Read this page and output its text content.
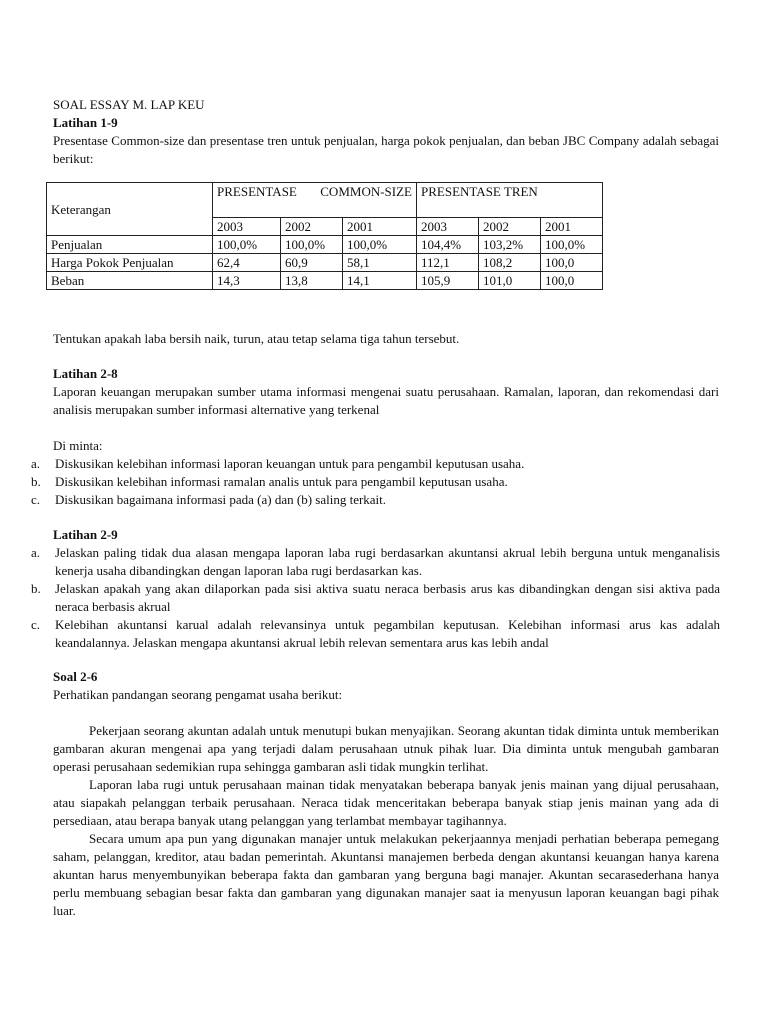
SOAL ESSAY M. LAP KEU

Latihan 1-9

Presentase Common-size dan presentase tren untuk penjualan, harga pokok penjualan, dan beban JBC Company adalah sebagai berikut:

Keterangan	PRESENTASE COMMON-SIZE			PRESENTASE TREN		
	2003	2002	2001	2003	2002	2001
Penjualan	100,0%	100,0%	100,0%	104,4%	103,2%	100,0%
Harga Pokok Penjualan	62,4	60,9	58,1	112,1	108,2	100,0
Beban	14,3	13,8	14,1	105,9	101,0	100,0

Tentukan apakah laba bersih naik, turun, atau tetap selama tiga tahun tersebut.

Latihan 2-8

Laporan keuangan merupakan sumber utama informasi mengenai suatu perusahaan. Ramalan, laporan, dan rekomendasi dari analisis merupakan sumber informasi alternative yang terkenal

Di minta:

a. Diskusikan kelebihan informasi laporan keuangan untuk para pengambil keputusan usaha.
b. Diskusikan kelebihan informasi ramalan analis untuk para pengambil keputusan usaha.
c. Diskusikan bagaimana informasi pada (a) dan (b) saling terkait.

Latihan 2-9

a. Jelaskan paling tidak dua alasan mengapa laporan laba rugi berdasarkan akuntansi akrual lebih berguna untuk menganalisis kenerja usaha dibandingkan dengan laporan laba rugi berdasarkan kas.
b. Jelaskan apakah yang akan dilaporkan pada sisi aktiva suatu neraca berbasis arus kas dibandingkan dengan sisi aktiva pada neraca berbasis akrual
c. Kelebihan akuntansi karual adalah relevansinya untuk pegambilan keputusan. Kelebihan informasi arus kas adalah keandalannya. Jelaskan mengapa akuntansi akrual lebih relevan sementara arus kas lebih andal

Soal 2-6

Perhatikan pandangan seorang pengamat usaha berikut:

Pekerjaan seorang akuntan adalah untuk menutupi bukan menyajikan. Seorang akuntan tidak diminta untuk memberikan gambaran akuran mengenai apa yang terjadi dalam perusahaan utnuk pihak luar. Dia diminta untuk mengubah gambaran operasi perusahaan sedemikian rupa sehingga gambaran asli tidak mungkin terlihat.

Laporan laba rugi untuk perusahaan mainan tidak menyatakan beberapa banyak jenis mainan yang dijual perusahaan, atau siapakah pelanggan terbaik perusahaan. Neraca tidak menceritakan beberapa banyak stiap jenis mainan yang ada di persediaan, atau berapa banyak utang pelanggan yang terlambat membayar tagihannya.

Secara umum apa pun yang digunakan manajer untuk melakukan pekerjaannya menjadi perhatian beberapa pemegang saham, pelanggan, kreditor, atau badan pemerintah. Akuntansi manajemen berbeda dengan akuntansi keuangan hanya karena akuntan harus menyembunyikan beberapa fakta dan gambaran yang berguna bagi manajer. Akuntan secarasederhana hanya perlu membuang sebagian besar fakta dan gambaran yang digunakan manajer saat ia menyusun laporan keuangan bagi pihak luar.
